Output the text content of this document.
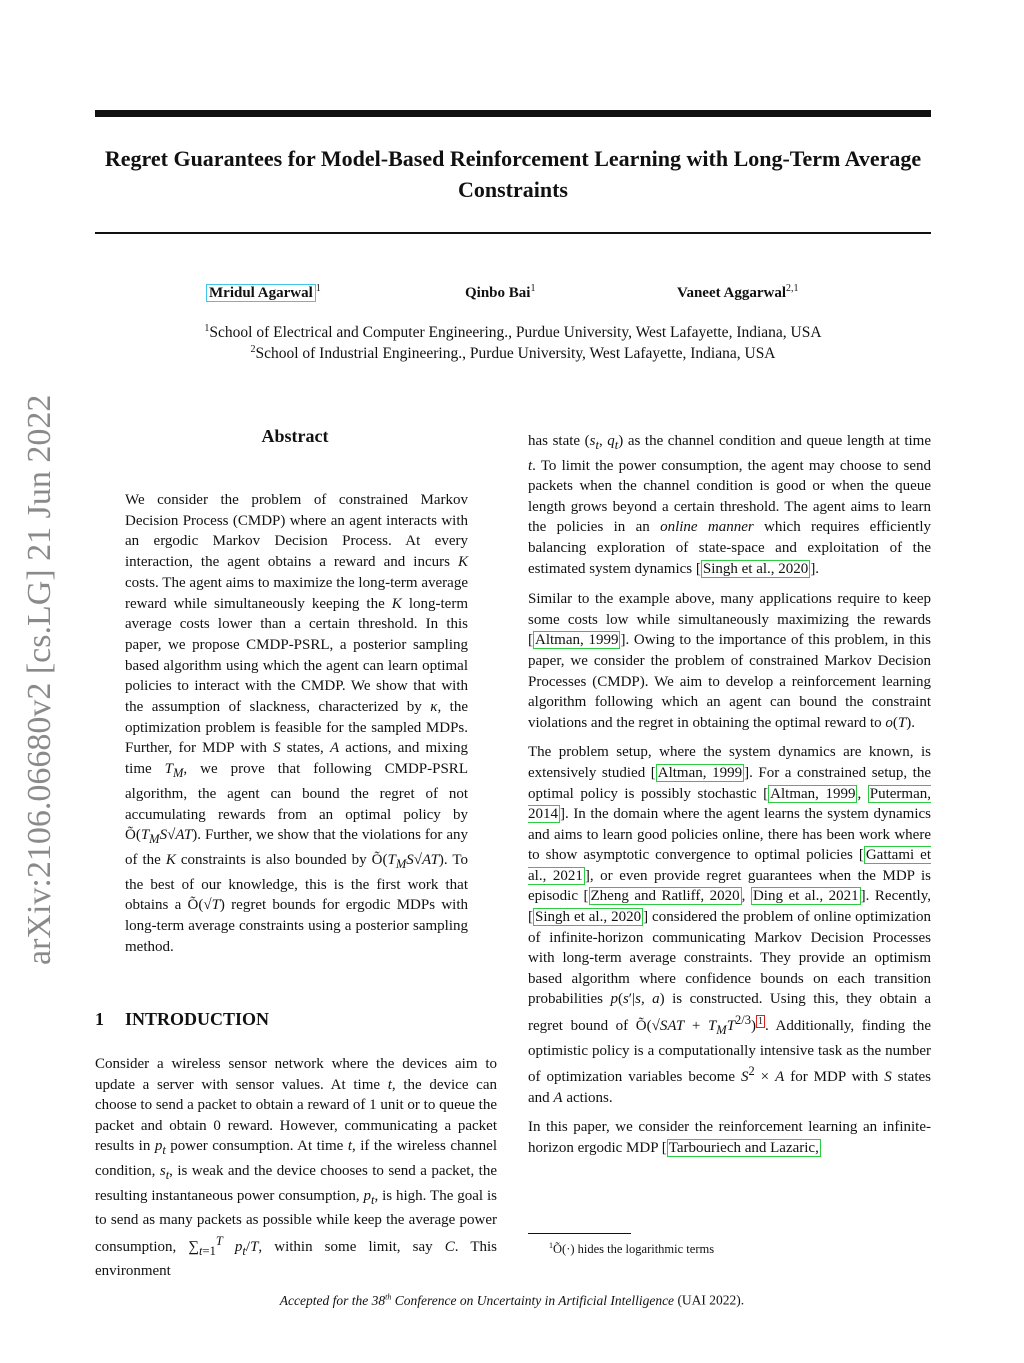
Regret Guarantees for Model-Based Reinforcement Learning with Long-Term Average Constraints
arXiv:2106.06680v2 [cs.LG] 21 Jun 2022
Mridul Agarwal $^1$	Qinbo Bai$^1$	Vaneet Aggarwal$^{2,1}$
$^1$School of Electrical and Computer Engineering., Purdue University, West Lafayette, Indiana, USA
$^2$School of Industrial Engineering., Purdue University, West Lafayette, Indiana, USA
Abstract

We consider the problem of constrained Markov Decision Process (CMDP) where an agent interacts with an ergodic Markov Decision Process. At every interaction, the agent obtains a reward and incurs K costs. The agent aims to maximize the long-term average reward while simultaneously keeping the K long-term average costs lower than a certain threshold. In this paper, we propose CMDP-PSRL, a posterior sampling based algorithm using which the agent can learn optimal policies to interact with the CMDP. We show that with the assumption of slackness, characterized by κ, the optimization problem is feasible for the sampled MDPs. Further, for MDP with S states, A actions, and mixing time $T_M$, we prove that following CMDP-PSRL algorithm, the agent can bound the regret of not accumulating rewards from an optimal policy by $Õ(T_MS√AT)$. Further, we show that the violations for any of the K constraints is also bounded by $Õ(T_MS√AT)$. To the best of our knowledge, this is the first work that obtains a Õ(√T) regret bounds for ergodic MDPs with long-term average constraints using a posterior sampling method.

1 INTRODUCTION

Consider a wireless sensor network where the devices aim to update a server with sensor values. At time t, the device can choose to send a packet to obtain a reward of 1 unit or to queue the packet and obtain 0 reward. However, communicating a packet results in $p_t$ power consumption. At time t, if the wireless channel condition, $s_t$, is weak and the device chooses to send a packet, the resulting instantaneous power consumption, $p_t$, is high. The goal is to send as many packets as possible while keep the average power consumption, $\sum_{t=1}^T$ $p_t/T$, within some limit, say C. This environment

has state ($s_t$, $q_t$) as the channel condition and queue length at time t. To limit the power consumption, the agent may choose to send packets when the channel condition is good or when the queue length grows beyond a certain threshold. The agent aims to learn the policies in an online manner which requires efficiently balancing exploration of state-space and exploitation of the estimated system dynamics [ Singh et al., 2020 ].

Similar to the example above, many applications require to keep some costs low while simultaneously maximizing the rewards [ Altman, 1999 ]. Owing to the importance of this problem, in this paper, we consider the problem of constrained Markov Decision Processes (CMDP). We aim to develop a reinforcement learning algorithm following which an agent can bound the constraint violations and the regret in obtaining the optimal reward to o(T).

The problem setup, where the system dynamics are known, is extensively studied [ Altman, 1999 ]. For a constrained setup, the optimal policy is possibly stochastic [ Altman, 1999 , Puterman, 2014 ]. In the domain where the agent learns the system dynamics and aims to learn good policies online, there has been work where to show asymptotic convergence to optimal policies [ Gattami et al., 2021 ], or even provide regret guarantees when the MDP is episodic [ Zheng and Ratliff, 2020 , Ding et al., 2021 ]. Recently, [ Singh et al., 2020 ] considered the problem of online optimization of infinite-horizon communicating Markov Decision Processes with long-term average constraints. They provide an optimism based algorithm where confidence bounds on each transition probabilities p(s′|s, a) is constructed. Using this, they obtain a regret bound of Õ(√SAT + $T_MT^{2/3}$) $^1$ . Additionally, finding the optimistic policy is a computationally intensive task as the number of optimization variables become $S^2 \times A$ for MDP with S states and A actions.

In this paper, we consider the reinforcement learning an infinite-horizon ergodic MDP [ Tarbouriech and Lazaric,

$^1$Õ(·) hides the logarithmic terms
Accepted for the 38th Conference on Uncertainty in Artificial Intelligence (UAI 2022).
